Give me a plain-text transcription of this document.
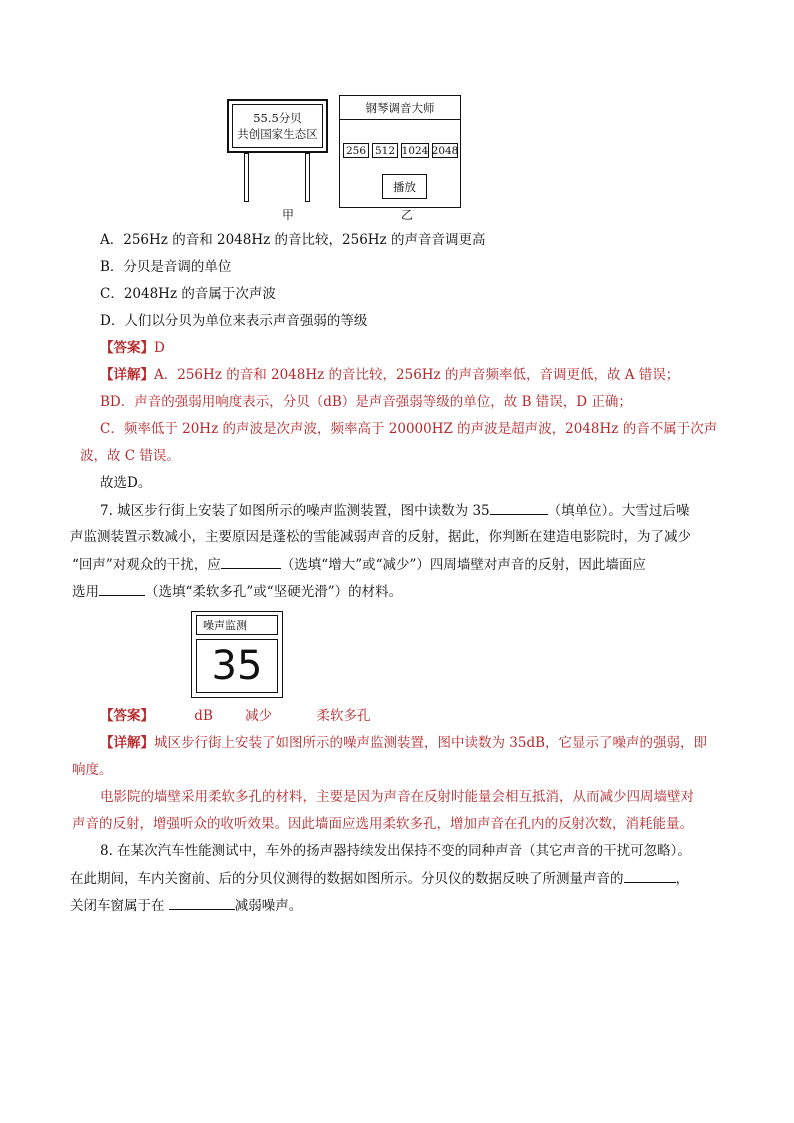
55.5分贝
共创国家生态区
甲
钢琴调音大师
256 512 1024 2048
播放
乙
A．256Hz 的音和 2048Hz 的音比较，256Hz 的声音音调更高
B．分贝是音调的单位
C．2048Hz 的音属于次声波
D．人们以分贝为单位来表示声音强弱的等级
【答案】D
【详解】A．256Hz 的音和 2048Hz 的音比较，256Hz 的声音频率低，音调更低，故 A 错误；
BD．声音的强弱用响度表示，分贝（dB）是声音强弱等级的单位，故 B 错误，D 正确；
C．频率低于 20Hz 的声波是次声波，频率高于 20000HZ 的声波是超声波，2048Hz 的音不属于次声
波，故 C 错误。
故选D。
7. 城区步行街上安装了如图所示的噪声监测装置，图中读数为 35	（填单位）。大雪过后噪
声监测装置示数减小，主要原因是蓬松的雪能减弱声音的反射，据此，你判断在建造电影院时，为了减少
“回声”对观众的干扰，应	（选填“增大”或“减少”）四周墙壁对声音的反射，因此墙面应
选用	（选填“柔软多孔”或“坚硬光滑”）的材料。
噪声监测
35
【答案】	dB 减少	柔软多孔
【详解】城区步行街上安装了如图所示的噪声监测装置，图中读数为 35dB，它显示了噪声的强弱，即
响度。
电影院的墙壁采用柔软多孔的材料，主要是因为声音在反射时能量会相互抵消，从而减少四周墙壁对
声音的反射，增强听众的收听效果。因此墙面应选用柔软多孔，增加声音在孔内的反射次数，消耗能量。
8. 在某次汽车性能测试中，车外的扬声器持续发出保持不变的同种声音（其它声音的干扰可忽略）。
在此期间，车内关窗前、后的分贝仪测得的数据如图所示。分贝仪的数据反映了所测量声音的	，
关闭车窗属于在	减弱噪声。
